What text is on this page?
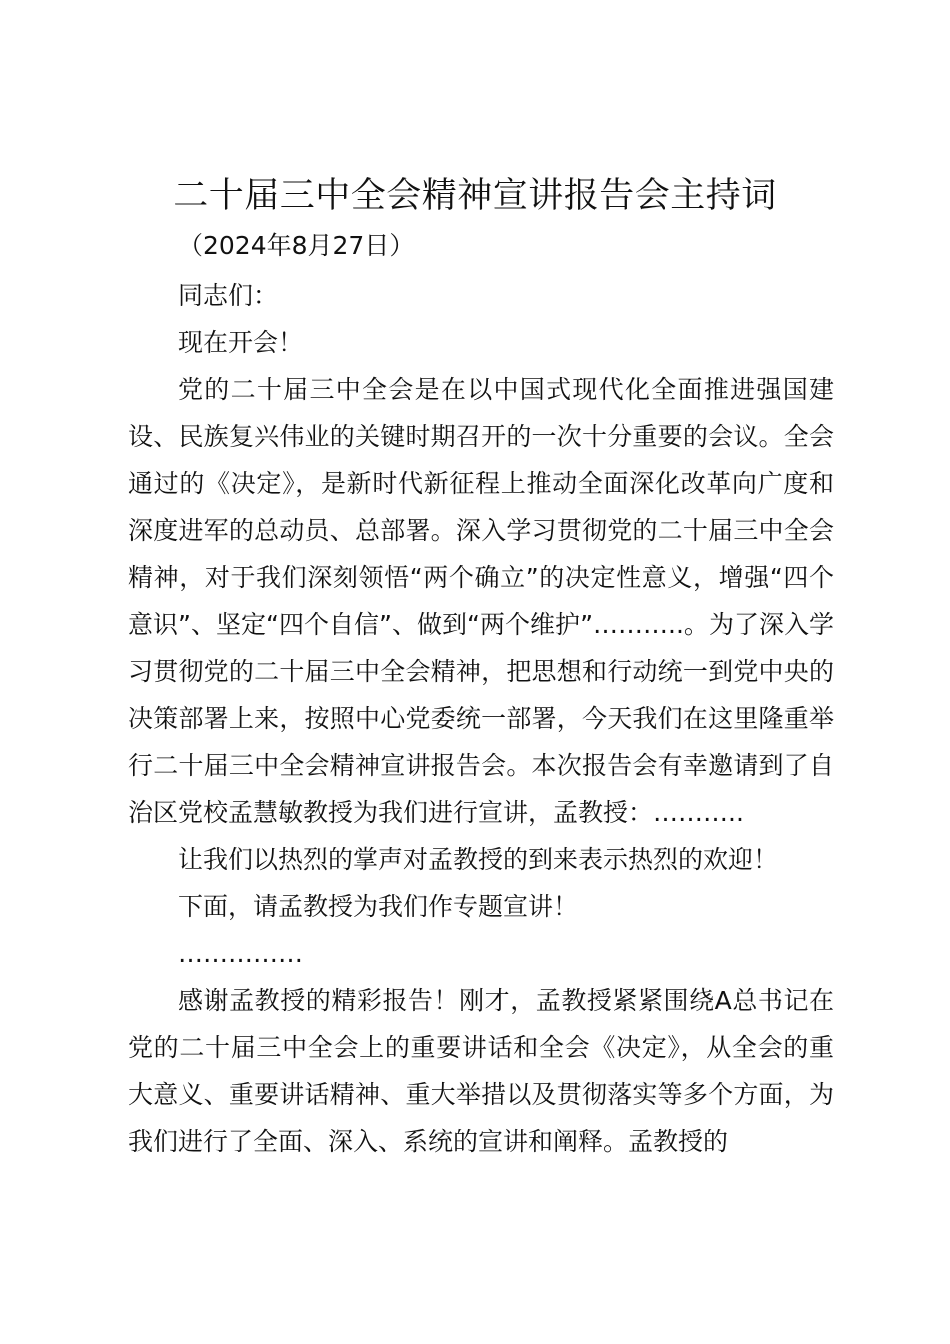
二十届三中全会精神宣讲报告会主持词
（2024年8月27日）

同志们：

现在开会！

党的二十届三中全会是在以中国式现代化全面推进强国建设、民族复兴伟业的关键时期召开的一次十分重要的会议。全会通过的《决定》，是新时代新征程上推动全面深化改革向广度和深度进军的总动员、总部署。深入学习贯彻党的二十届三中全会精神，对于我们深刻领悟“两个确立”的决定性意义，增强“四个意识”、坚定“四个自信”、做到“两个维护”………..。为了深入学习贯彻党的二十届三中全会精神，把思想和行动统一到党中央的决策部署上来，按照中心党委统一部署，今天我们在这里隆重举行二十届三中全会精神宣讲报告会。本次报告会有幸邀请到了自治区党校孟慧敏教授为我们进行宣讲，孟教授：………..

让我们以热烈的掌声对孟教授的到来表示热烈的欢迎！

下面，请孟教授为我们作专题宣讲！

……………

感谢孟教授的精彩报告！刚才，孟教授紧紧围绕A总书记在党的二十届三中全会上的重要讲话和全会《决定》，从全会的重大意义、重要讲话精神、重大举措以及贯彻落实等多个方面，为我们进行了全面、深入、系统的宣讲和阐释。孟教授的
